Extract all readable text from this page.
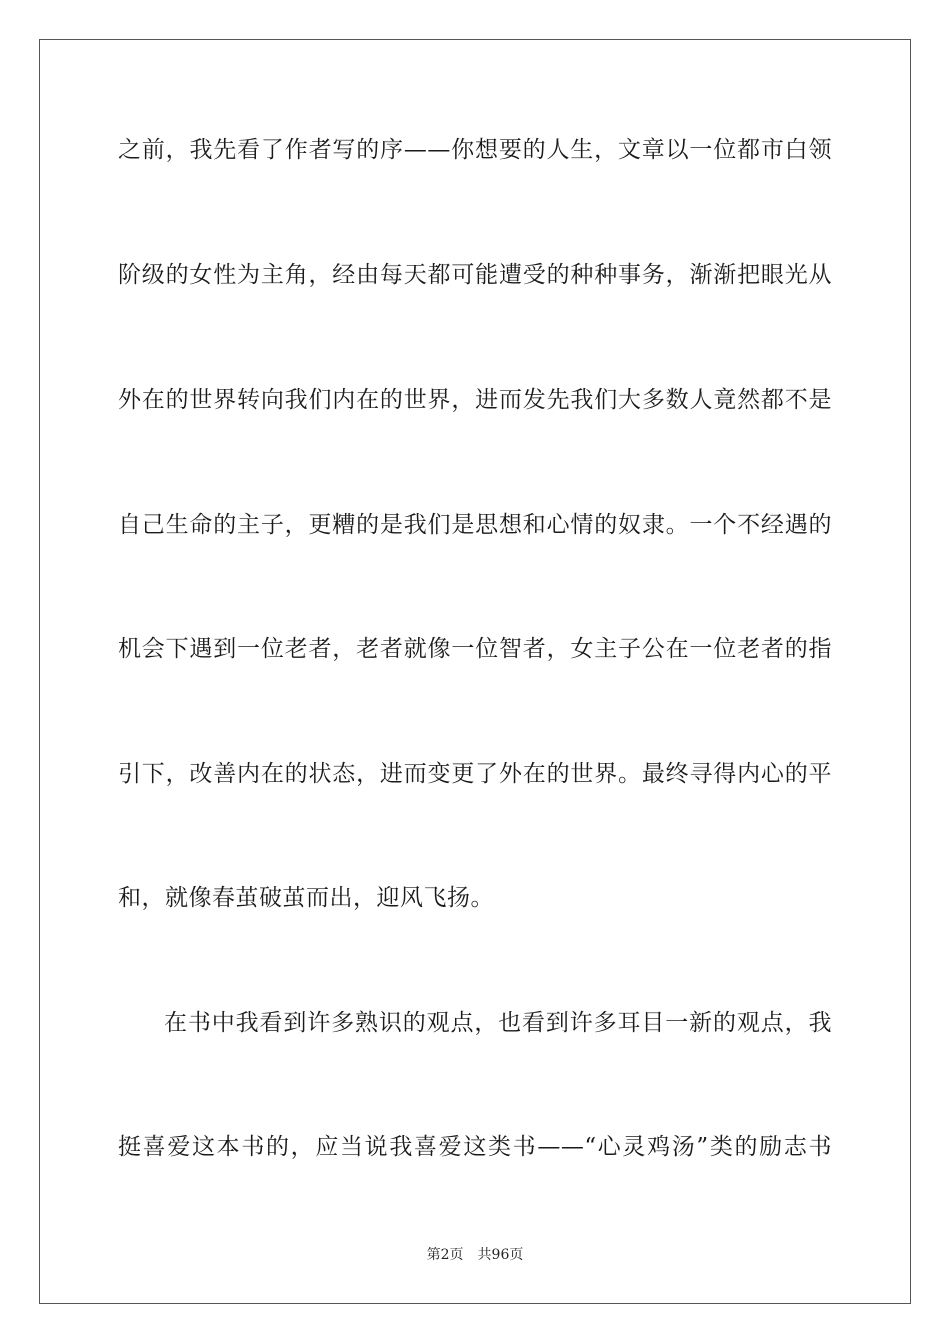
之前，我先看了作者写的序——你想要的人生，文章以一位都市白领
阶级的女性为主角，经由每天都可能遭受的种种事务，渐渐把眼光从
外在的世界转向我们内在的世界，进而发先我们大多数人竟然都不是
自己生命的主子，更糟的是我们是思想和心情的奴隶。一个不经遇的
机会下遇到一位老者，老者就像一位智者，女主子公在一位老者的指
引下，改善内在的状态，进而变更了外在的世界。最终寻得内心的平
和，就像春茧破茧而出，迎风飞扬。
在书中我看到许多熟识的观点，也看到许多耳目一新的观点，我
挺喜爱这本书的，应当说我喜爱这类书——“心灵鸡汤”类的励志书
第2页 共96页
